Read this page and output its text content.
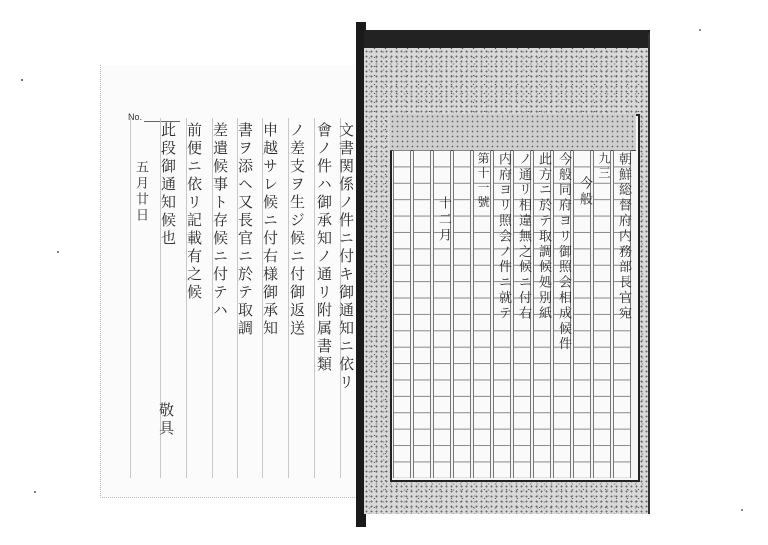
No.
文書関係ノ件ニ付キ御通知ニ依リ
會ノ件ハ御承知ノ通リ附属書類
ノ差支ヲ生ジ候ニ付御返送
申越サレ候ニ付右様御承知
書ヲ添ヘ又長官ニ於テ取調
差遣候事ト存候ニ付テハ
前便ニ依リ記載有之候
此段御通知候也
五月廿日
敬具
朝鮮総督府内務部長官宛
九三
今般同府ヨリ御照会相成候件
此方ニ於テ取調候処別紙
ノ通リ相違無之候ニ付右
内府ヨリ照会ノ件ニ就テ	今般
第十一號
十二月
